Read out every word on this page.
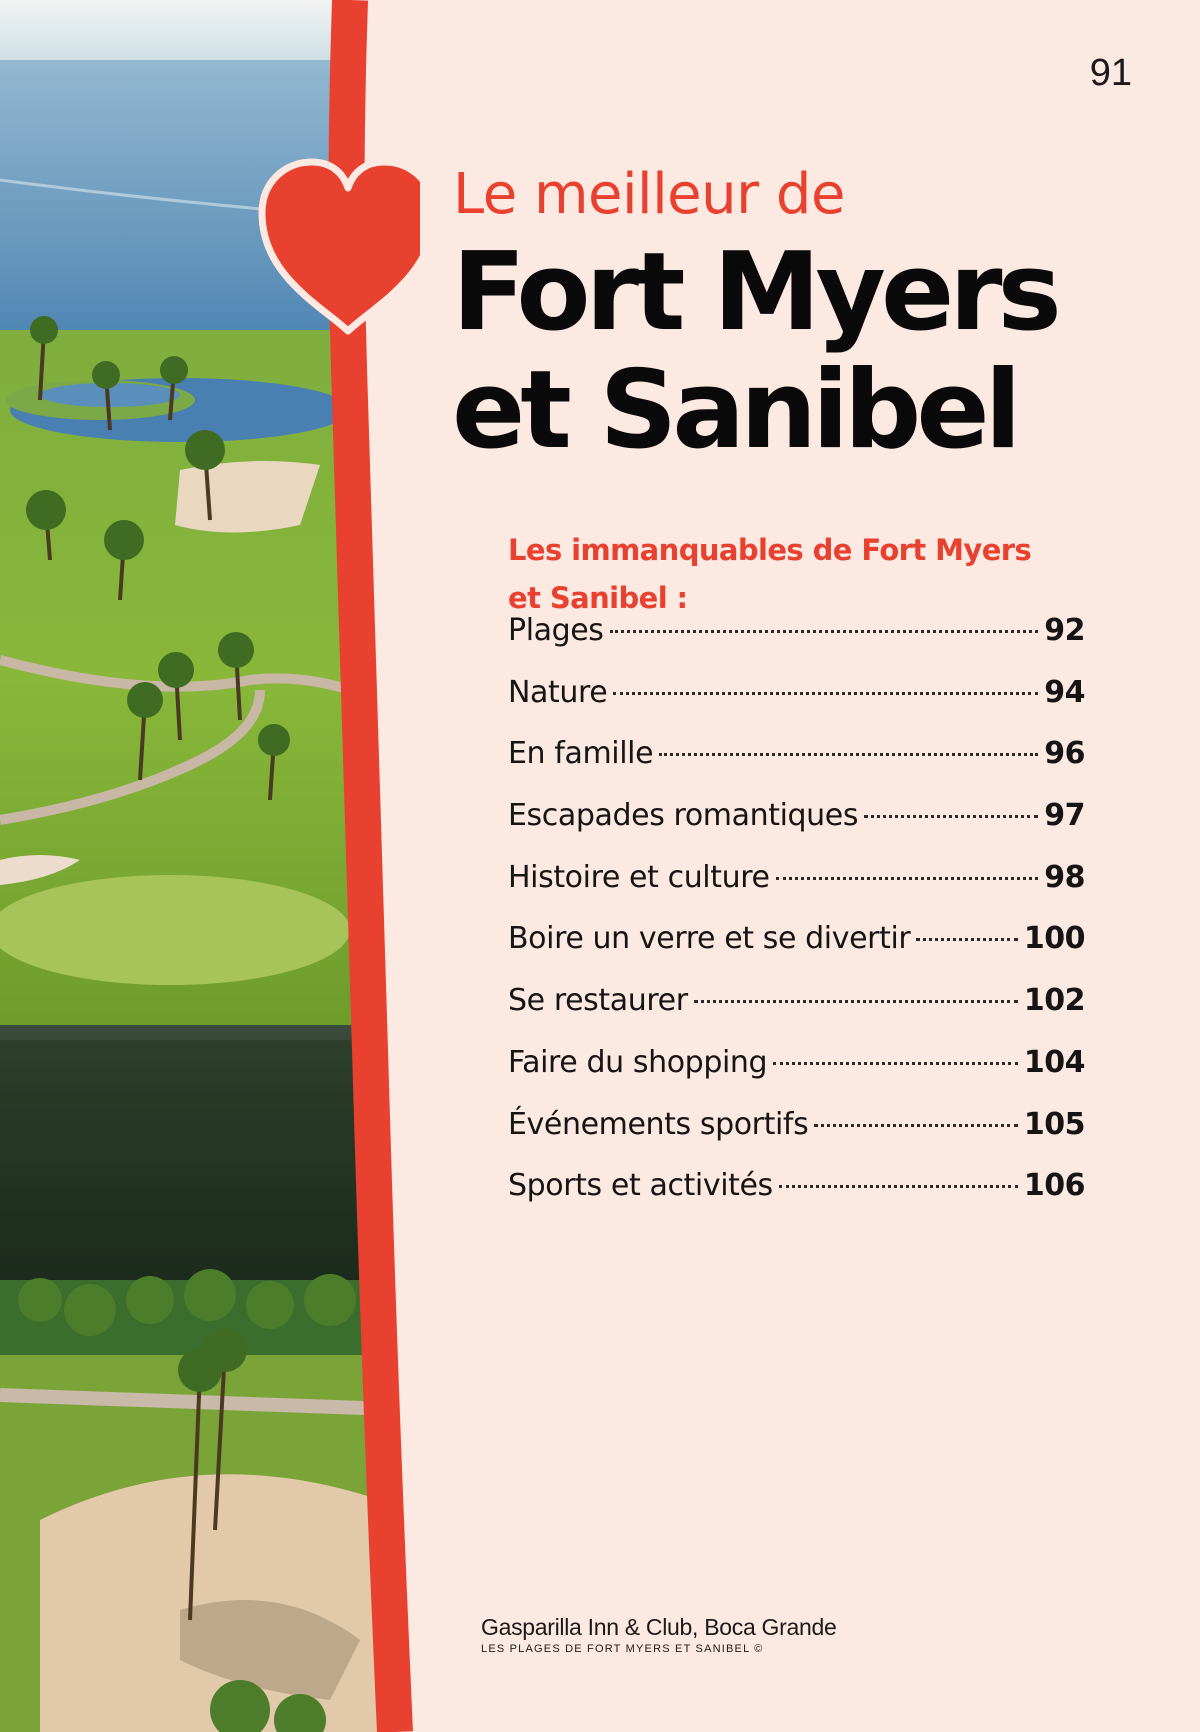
91
Le meilleur de
Fort Myers
et Sanibel
Les immanquables de Fort Myers
et Sanibel :
Plages	92
Nature	94
En famille	96
Escapades romantiques	97
Histoire et culture	98
Boire un verre et se divertir	100
Se restaurer	102
Faire du shopping	104
Événements sportifs	105
Sports et activités	106
Gasparilla Inn & Club, Boca Grande
LES PLAGES DE FORT MYERS ET SANIBEL ©
